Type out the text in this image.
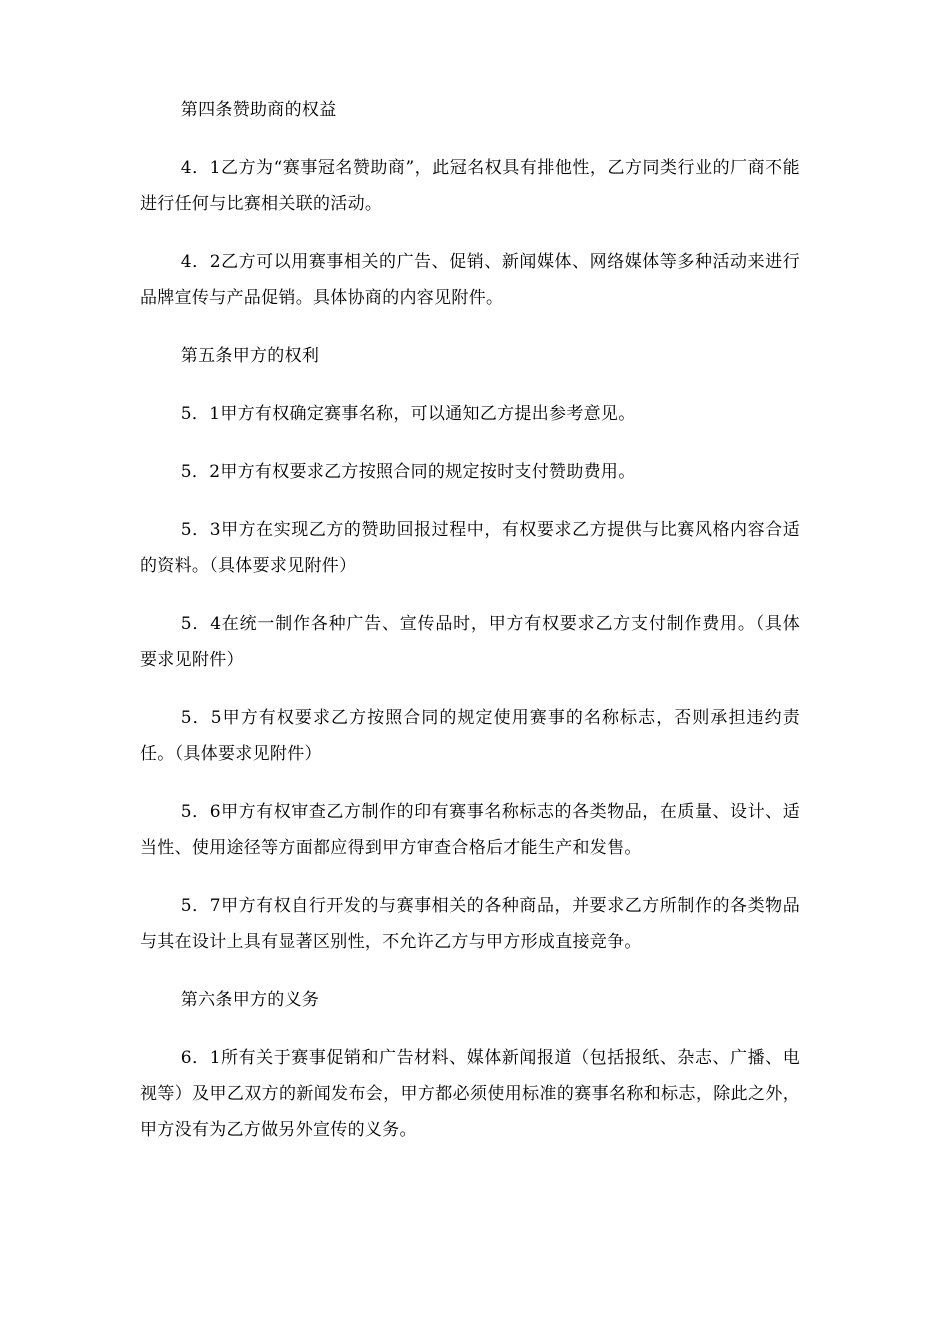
第四条赞助商的权益

4．1乙方为“赛事冠名赞助商”，此冠名权具有排他性，乙方同类行业的厂商不能进行任何与比赛相关联的活动。

4．2乙方可以用赛事相关的广告、促销、新闻媒体、网络媒体等多种活动来进行品牌宣传与产品促销。具体协商的内容见附件。

第五条甲方的权利

5．1甲方有权确定赛事名称，可以通知乙方提出参考意见。

5．2甲方有权要求乙方按照合同的规定按时支付赞助费用。

5．3甲方在实现乙方的赞助回报过程中，有权要求乙方提供与比赛风格内容合适的资料。（具体要求见附件）

5．4在统一制作各种广告、宣传品时，甲方有权要求乙方支付制作费用。（具体要求见附件）

5．5甲方有权要求乙方按照合同的规定使用赛事的名称标志，否则承担违约责任。（具体要求见附件）

5．6甲方有权审查乙方制作的印有赛事名称标志的各类物品，在质量、设计、适当性、使用途径等方面都应得到甲方审查合格后才能生产和发售。

5．7甲方有权自行开发的与赛事相关的各种商品，并要求乙方所制作的各类物品与其在设计上具有显著区别性，不允许乙方与甲方形成直接竞争。

第六条甲方的义务

6．1所有关于赛事促销和广告材料、媒体新闻报道（包括报纸、杂志、广播、电视等）及甲乙双方的新闻发布会，甲方都必须使用标准的赛事名称和标志，除此之外，甲方没有为乙方做另外宣传的义务。
